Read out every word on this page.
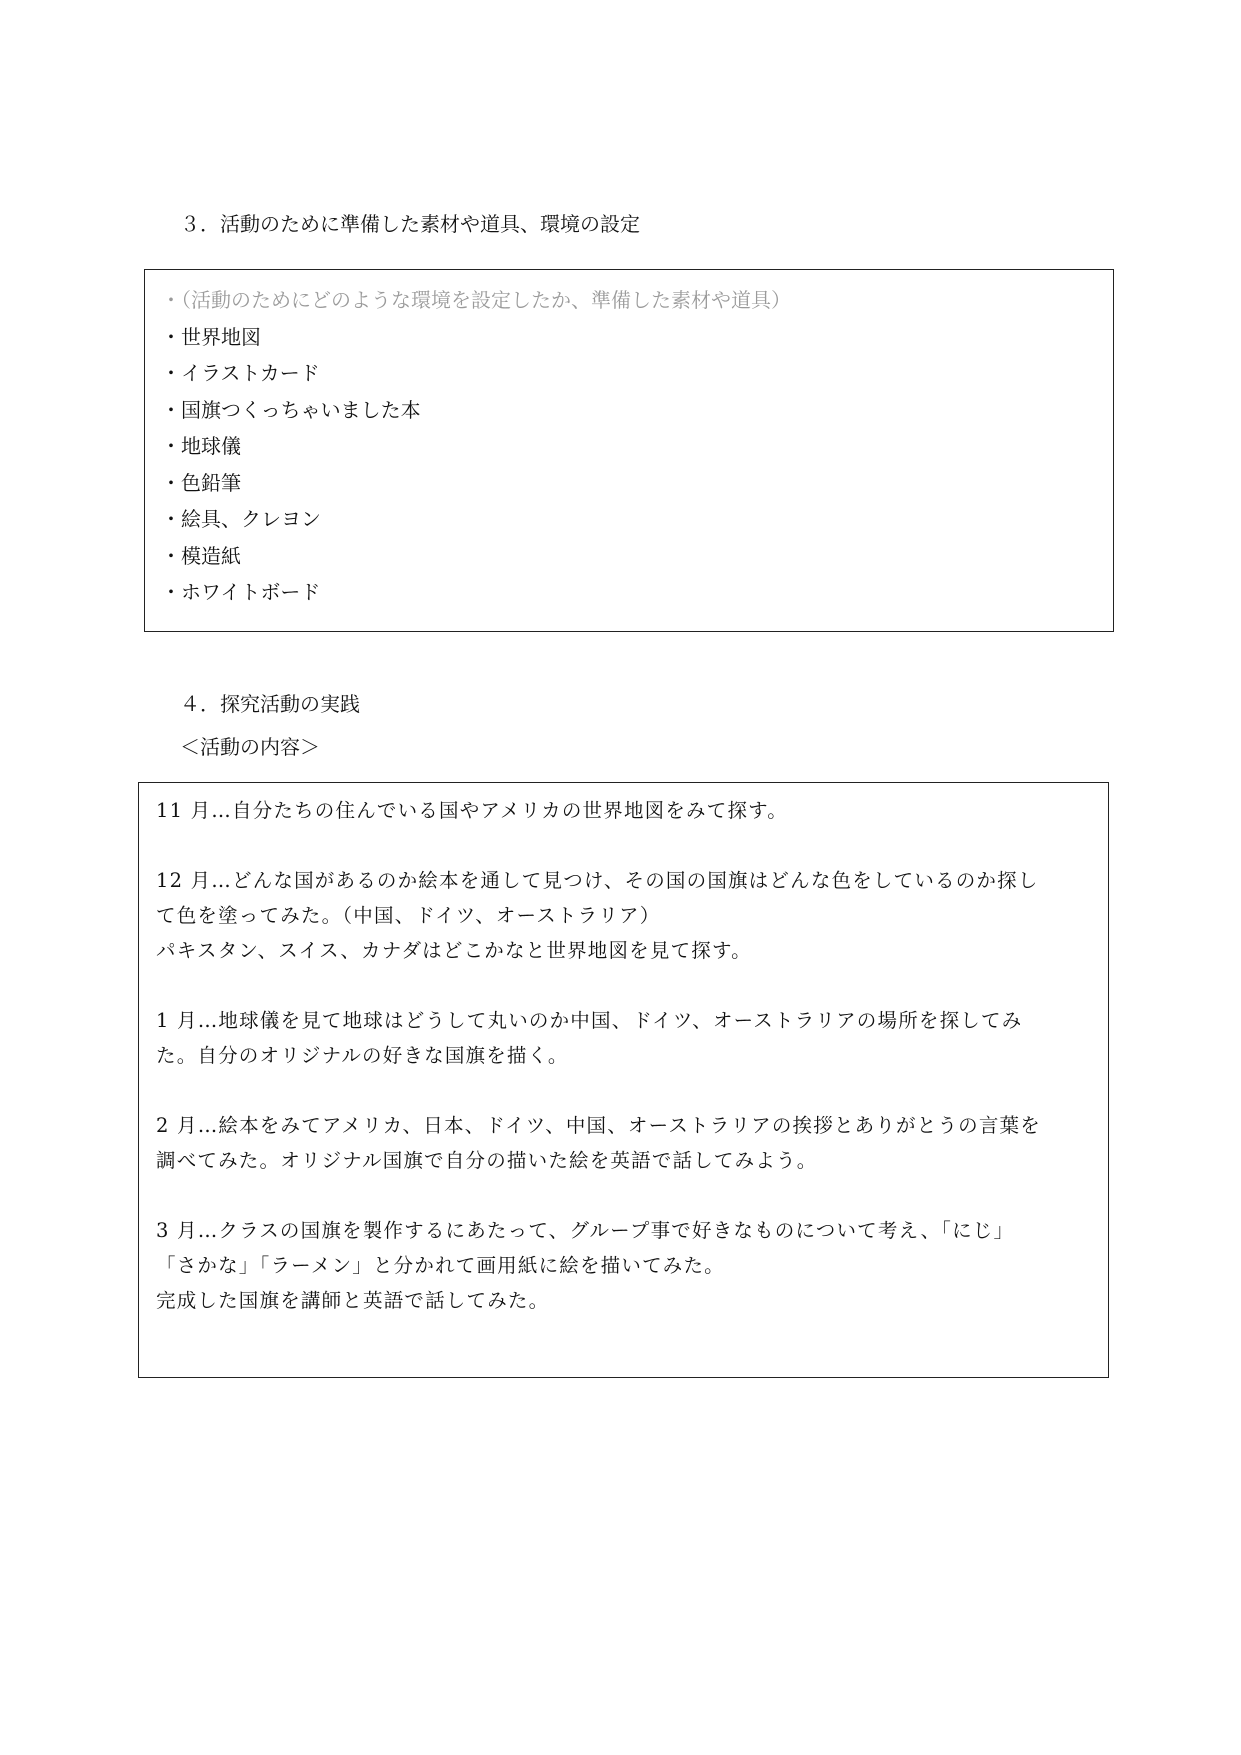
３．活動のために準備した素材や道具、環境の設定
・（活動のためにどのような環境を設定したか、準備した素材や道具）
・世界地図
・イラストカード
・国旗つくっちゃいました本
・地球儀
・色鉛筆
・絵具、クレヨン
・模造紙
・ホワイトボード
４．探究活動の実践
＜活動の内容＞

11 月…自分たちの住んでいる国やアメリカの世界地図をみて探す。

12 月…どんな国があるのか絵本を通して見つけ、その国の国旗はどんな色をしているのか探し

て色を塗ってみた。（中国、ドイツ、オーストラリア）

パキスタン、スイス、カナダはどこかなと世界地図を見て探す。

1 月…地球儀を見て地球はどうして丸いのか中国、ドイツ、オーストラリアの場所を探してみ

た。自分のオリジナルの好きな国旗を描く。

2 月…絵本をみてアメリカ、日本、ドイツ、中国、オーストラリアの挨拶とありがとうの言葉を

調べてみた。オリジナル国旗で自分の描いた絵を英語で話してみよう。

3 月…クラスの国旗を製作するにあたって、グループ事で好きなものについて考え、「にじ」

「さかな」「ラーメン」と分かれて画用紙に絵を描いてみた。

完成した国旗を講師と英語で話してみた。
